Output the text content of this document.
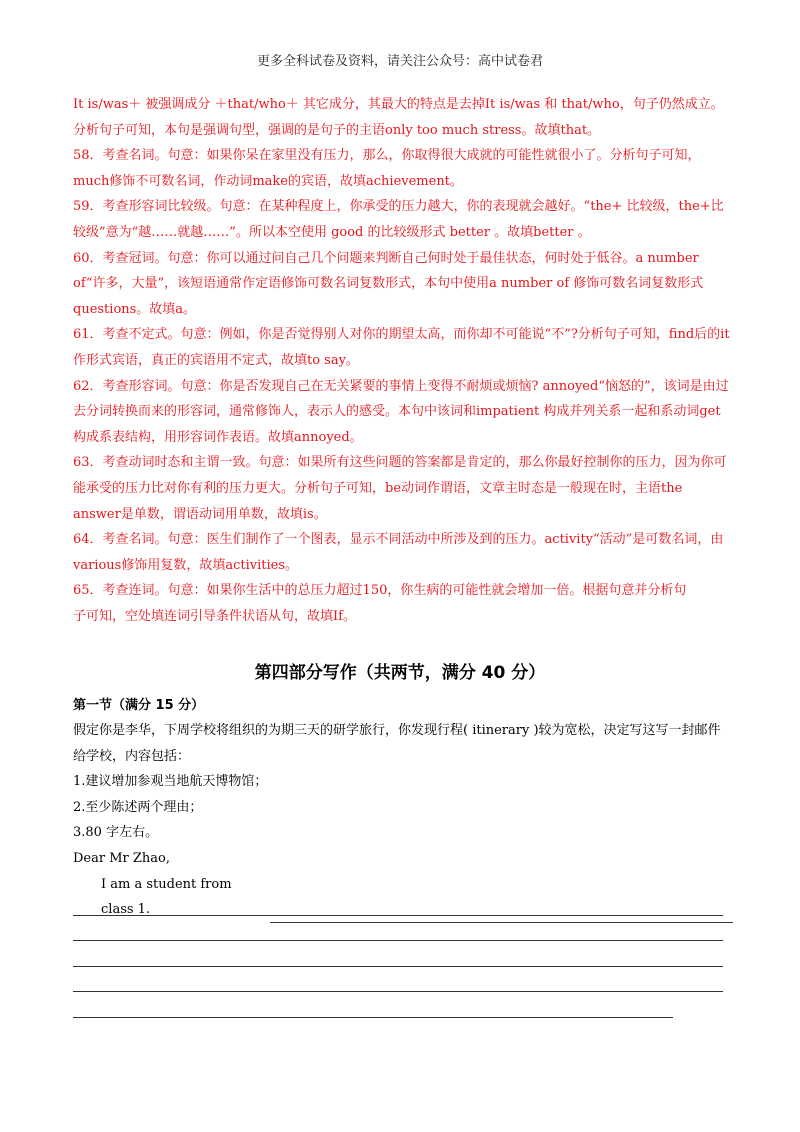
更多全科试卷及资料，请关注公众号：高中试卷君

It is/was＋ 被强调成分 ＋that/who＋ 其它成分，其最大的特点是去掉It is/was 和 that/who，句子仍然成立。分析句子可知，本句是强调句型，强调的是句子的主语only too much stress。故填that。

58．考查名词。句意：如果你呆在家里没有压力，那么，你取得很大成就的可能性就很小了。分析句子可知，much修饰不可数名词，作动词make的宾语，故填achievement。

59．考查形容词比较级。句意：在某种程度上，你承受的压力越大，你的表现就会越好。“the+ 比较级，the+比较级”意为“越……就越……”。所以本空使用 good 的比较级形式 better 。故填better 。

60．考查冠词。句意：你可以通过问自己几个问题来判断自己何时处于最佳状态，何时处于低谷。a number of“许多，大量”，该短语通常作定语修饰可数名词复数形式，本句中使用a number of 修饰可数名词复数形式questions。故填a。

61．考查不定式。句意：例如，你是否觉得别人对你的期望太高，而你却不可能说“不”?分析句子可知，find后的it作形式宾语，真正的宾语用不定式，故填to say。

62．考查形容词。句意：你是否发现自己在无关紧要的事情上变得不耐烦或烦恼? annoyed“恼怒的”，该词是由过去分词转换而来的形容词，通常修饰人，表示人的感受。本句中该词和impatient 构成并列关系一起和系动词get构成系表结构，用形容词作表语。故填annoyed。

63．考查动词时态和主谓一致。句意：如果所有这些问题的答案都是肯定的，那么你最好控制你的压力，因为你可能承受的压力比对你有利的压力更大。分析句子可知，be动词作谓语，文章主时态是一般现在时，主语the answer是单数，谓语动词用单数，故填is。

64．考查名词。句意：医生们制作了一个图表，显示不同活动中所涉及到的压力。activity“活动”是可数名词，由various修饰用复数，故填activities。

65．考查连词。句意：如果你生活中的总压力超过150，你生病的可能性就会增加一倍。根据句意并分析句

子可知，空处填连词引导条件状语从句，故填If。

第四部分写作（共两节，满分 40 分）
第一节（满分 15 分）

假定你是李华，下周学校将组织的为期三天的研学旅行，你发现行程( itinerary )较为宽松，决定写这写一封邮件给学校，内容包括：

1.建议增加参观当地航天博物馆；

2.至少陈述两个理由；

3.80 字左右。

Dear Mr Zhao,

I am a student from class 1.
